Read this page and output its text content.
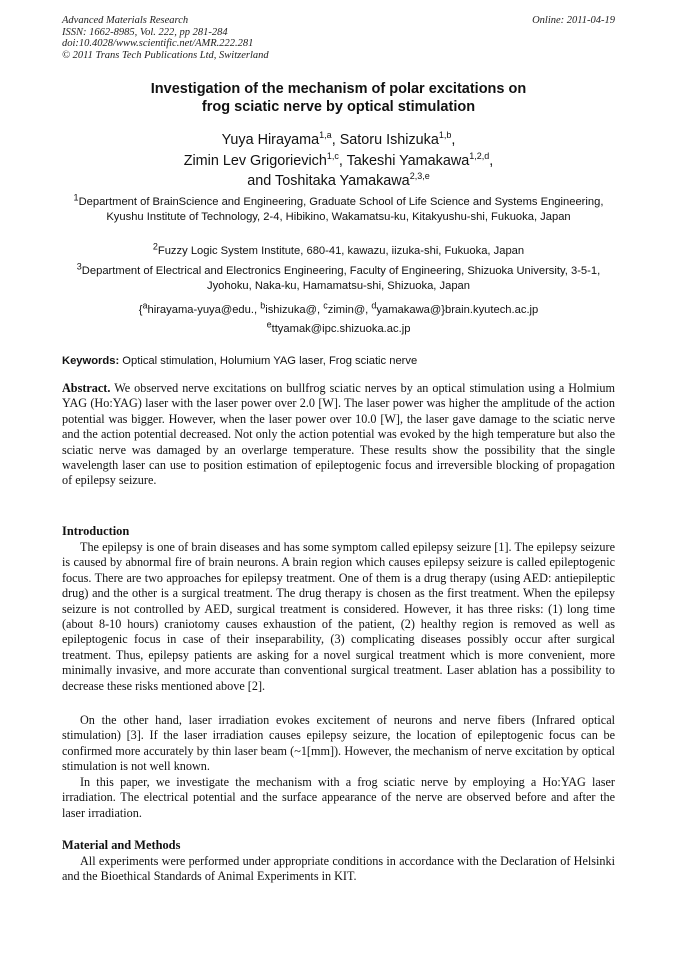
Advanced Materials Research
ISSN: 1662-8985, Vol. 222, pp 281-284
doi:10.4028/www.scientific.net/AMR.222.281
© 2011 Trans Tech Publications Ltd, Switzerland
Online: 2011-04-19
Investigation of the mechanism of polar excitations on
frog sciatic nerve by optical stimulation
Yuya Hirayama$^{1,a}$, Satoru Ishizuka$^{1,b}$,
Zimin Lev Grigorievich$^{1,c}$, Takeshi Yamakawa$^{1,2,d}$,
and Toshitaka Yamakawa$^{2,3,e}$
$^1$Department of BrainScience and Engineering, Graduate School of Life Science and Systems Engineering, Kyushu Institute of Technology, 2-4, Hibikino, Wakamatsu-ku, Kitakyushu-shi, Fukuoka, Japan
$^2$Fuzzy Logic System Institute, 680-41, kawazu, iizuka-shi, Fukuoka, Japan
$^3$Department of Electrical and Electronics Engineering, Faculty of Engineering, Shizuoka University, 3-5-1, Jyohoku, Naka-ku, Hamamatsu-shi, Shizuoka, Japan
{$^a$hirayama-yuya@edu., $^b$ishizuka@, $^c$zimin@, $^d$yamakawa@}brain.kyutech.ac.jp
$^e$ttyamak@ipc.shizuoka.ac.jp
Keywords: Optical stimulation, Holumium YAG laser, Frog sciatic nerve
Abstract. We observed nerve excitations on bullfrog sciatic nerves by an optical stimulation using a Holmium YAG (Ho:YAG) laser with the laser power over 2.0 [W]. The laser power was higher the amplitude of the action potential was bigger. However, when the laser power over 10.0 [W], the laser gave damage to the sciatic nerve and the action potential decreased. Not only the action potential was evoked by the high temperature but also the sciatic nerve was damaged by an overlarge temperature. These results show the possibility that the single wavelength laser can use to position estimation of epileptogenic focus and irreversible blocking of propagation of epilepsy seizure.
Introduction
The epilepsy is one of brain diseases and has some symptom called epilepsy seizure [1]. The epilepsy seizure is caused by abnormal fire of brain neurons. A brain region which causes epilepsy seizure is called epileptogenic focus. There are two approaches for epilepsy treatment. One of them is a drug therapy (using AED: antiepileptic drug) and the other is a surgical treatment. The drug therapy is chosen as the first treatment. When the epilepsy seizure is not controlled by AED, surgical treatment is considered. However, it has three risks: (1) long time (about 8-10 hours) craniotomy causes exhaustion of the patient, (2) healthy region is removed as well as epileptogenic focus in case of their inseparability, (3) complicating diseases possibly occur after surgical treatment. Thus, epilepsy patients are asking for a novel surgical treatment which is more convenient, more minimally invasive, and more accurate than conventional surgical treatment. Laser ablation has a possibility to decrease these risks mentioned above [2].
On the other hand, laser irradiation evokes excitement of neurons and nerve fibers (Infrared optical stimulation) [3]. If the laser irradiation causes epilepsy seizure, the location of epileptogenic focus can be confirmed more accurately by thin laser beam (~1[mm]). However, the mechanism of nerve excitation by optical stimulation is not well known.
In this paper, we investigate the mechanism with a frog sciatic nerve by employing a Ho:YAG laser irradiation. The electrical potential and the surface appearance of the nerve are observed before and after the laser irradiation.
Material and Methods
All experiments were performed under appropriate conditions in accordance with the Declaration of Helsinki and the Bioethical Standards of Animal Experiments in KIT.
